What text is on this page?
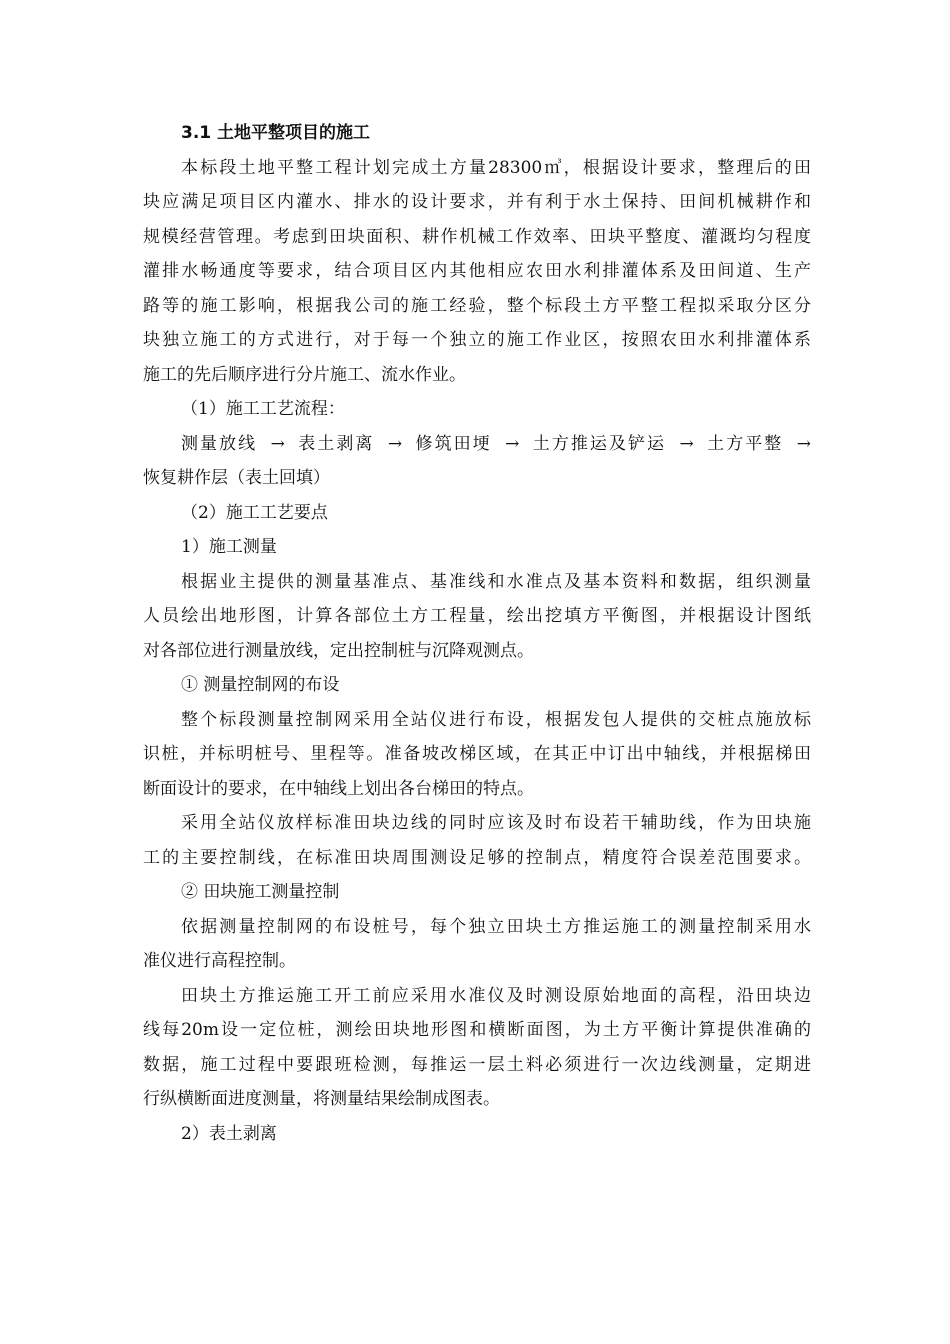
3.1 土地平整项目的施工
本标段土地平整工程计划完成土方量28300㎥，根据设计要求，整理后的田
块应满足项目区内灌水、排水的设计要求，并有利于水土保持、田间机械耕作和
规模经营管理。考虑到田块面积、耕作机械工作效率、田块平整度、灌溉均匀程度
灌排水畅通度等要求，结合项目区内其他相应农田水利排灌体系及田间道、生产
路等的施工影响，根据我公司的施工经验，整个标段土方平整工程拟采取分区分
块独立施工的方式进行，对于每一个独立的施工作业区，按照农田水利排灌体系
施工的先后顺序进行分片施工、流水作业。
（1）施工工艺流程：
测量放线 → 表土剥离 → 修筑田埂 → 土方推运及铲运 → 土方平整 →
恢复耕作层（表土回填）
（2）施工工艺要点
1）施工测量
根据业主提供的测量基准点、基准线和水准点及基本资料和数据，组织测量
人员绘出地形图，计算各部位土方工程量，绘出挖填方平衡图，并根据设计图纸
对各部位进行测量放线，定出控制桩与沉降观测点。
① 测量控制网的布设
整个标段测量控制网采用全站仪进行布设，根据发包人提供的交桩点施放标
识桩，并标明桩号、里程等。准备坡改梯区域，在其正中订出中轴线，并根据梯田
断面设计的要求，在中轴线上划出各台梯田的特点。
采用全站仪放样标准田块边线的同时应该及时布设若干辅助线，作为田块施
工的主要控制线，在标准田块周围测设足够的控制点，精度符合误差范围要求。
② 田块施工测量控制
依据测量控制网的布设桩号，每个独立田块土方推运施工的测量控制采用水
准仪进行高程控制。
田块土方推运施工开工前应采用水准仪及时测设原始地面的高程，沿田块边
线每20m设一定位桩，测绘田块地形图和横断面图，为土方平衡计算提供准确的
数据，施工过程中要跟班检测，每推运一层土料必须进行一次边线测量，定期进
行纵横断面进度测量，将测量结果绘制成图表。
2）表土剥离
